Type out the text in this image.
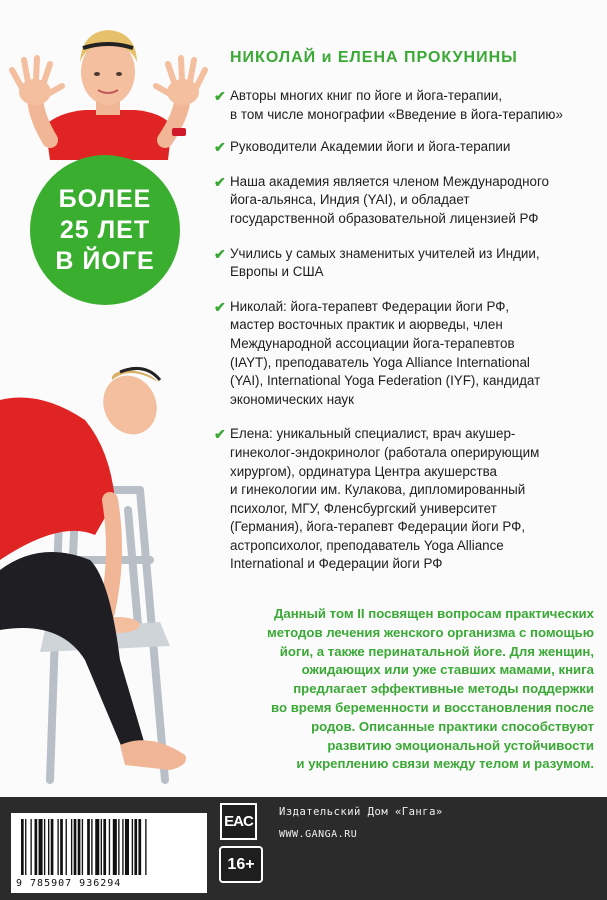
БОЛЕЕ
25 ЛЕТ
В ЙОГЕ
НИКОЛАЙ и ЕЛЕНА ПРОКУНИНЫ
✔ Авторы многих книг по йоге и йога-терапии,
в том числе монографии «Введение в йога-терапию»
✔ Руководители Академии йоги и йога-терапии
✔ Наша академия является членом Международного
йога-альянса, Индия (YAI), и обладает
государственной образовательной лицензией РФ
✔ Учились у самых знаменитых учителей из Индии,
Европы и США
✔ Николай: йога-терапевт Федерации йоги РФ,
мастер восточных практик и аюрведы, член
Международной ассоциации йога-терапевтов
(IAYT), преподаватель Yoga Alliance International
(YAI), International Yoga Federation (IYF), кандидат
экономических наук
✔ Елена: уникальный специалист, врач акушер-
гинеколог-эндокринолог (работала оперирующим
хирургом), ординатура Центра акушерства
и гинекологии им. Кулакова, дипломированный
психолог, МГУ, Фленсбургский университет
(Германия), йога-терапевт Федерации йоги РФ,
астропсихолог, преподаватель Yoga Alliance
International и Федерации йоги РФ
Данный том II посвящен вопросам практических
методов лечения женского организма с помощью
йоги, а также перинатальной йоге. Для женщин,
ожидающих или уже ставших мамами, книга
предлагает эффективные методы поддержки
во время беременности и восстановления после
родов. Описанные практики способствуют
развитию эмоциональной устойчивости
и укреплению связи между телом и разумом.
9 785907 936294
EAC
Издательский Дом «Ганга»
WWW.GANGA.RU
16+
